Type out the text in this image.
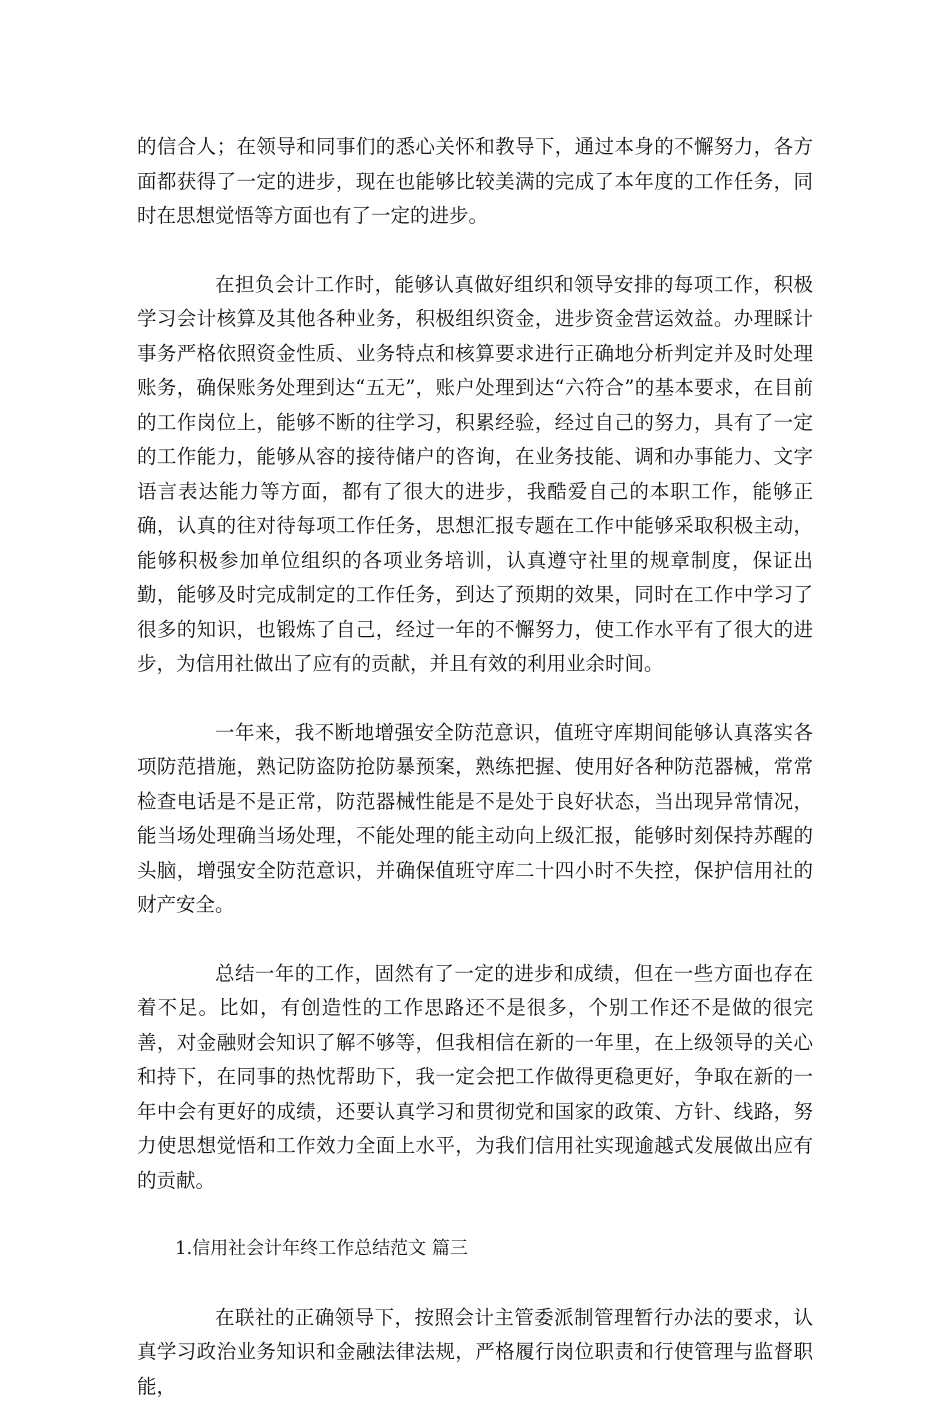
的信合人；在领导和同事们的悉心关怀和教导下，通过本身的不懈努力，各方面都获得了一定的进步，现在也能够比较美满的完成了本年度的工作任务，同时在思想觉悟等方面也有了一定的进步。

在担负会计工作时，能够认真做好组织和领导安排的每项工作，积极学习会计核算及其他各种业务，积极组织资金，进步资金营运效益。办理睬计事务严格依照资金性质、业务特点和核算要求进行正确地分析判定并及时处理账务，确保账务处理到达“五无”，账户处理到达“六符合”的基本要求，在目前的工作岗位上，能够不断的往学习，积累经验，经过自己的努力，具有了一定的工作能力，能够从容的接待储户的咨询，在业务技能、调和办事能力、文字语言表达能力等方面，都有了很大的进步，我酷爱自己的本职工作，能够正确，认真的往对待每项工作任务，思想汇报专题在工作中能够采取积极主动，能够积极参加单位组织的各项业务培训，认真遵守社里的规章制度，保证出勤，能够及时完成制定的工作任务，到达了预期的效果，同时在工作中学习了很多的知识，也锻炼了自己，经过一年的不懈努力，使工作水平有了很大的进步，为信用社做出了应有的贡献，并且有效的利用业余时间。

一年来，我不断地增强安全防范意识，值班守库期间能够认真落实各项防范措施，熟记防盗防抢防暴预案，熟练把握、使用好各种防范器械，常常检查电话是不是正常，防范器械性能是不是处于良好状态，当出现异常情况，能当场处理确当场处理，不能处理的能主动向上级汇报，能够时刻保持苏醒的头脑，增强安全防范意识，并确保值班守库二十四小时不失控，保护信用社的财产安全。

总结一年的工作，固然有了一定的进步和成绩，但在一些方面也存在着不足。比如，有创造性的工作思路还不是很多，个别工作还不是做的很完善，对金融财会知识了解不够等，但我相信在新的一年里，在上级领导的关心和持下，在同事的热忱帮助下，我一定会把工作做得更稳更好，争取在新的一年中会有更好的成绩，还要认真学习和贯彻党和国家的政策、方针、线路，努力使思想觉悟和工作效力全面上水平，为我们信用社实现逾越式发展做出应有的贡献。

1.信用社会计年终工作总结范文 篇三

在联社的正确领导下，按照会计主管委派制管理暂行办法的要求，认真学习政治业务知识和金融法律法规，严格履行岗位职责和行使管理与监督职能，
